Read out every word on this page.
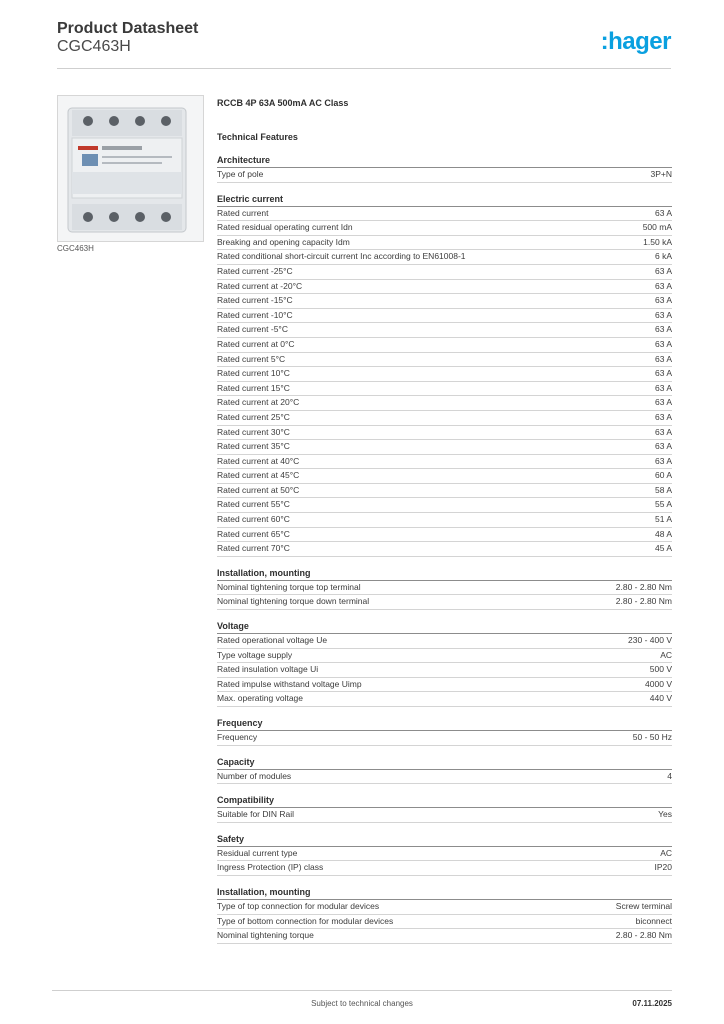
Product Datasheet
CGC463H	:hager
CGC463H
RCCB 4P 63A 500mA AC Class
Technical Features
Architecture
Type of pole	3P+N
Electric current
Rated current	63 A
Rated residual operating current Idn	500 mA
Breaking and opening capacity Idm	1.50 kA
Rated conditional short-circuit current Inc according to EN61008-1	6 kA
Rated current -25°C	63 A
Rated current at -20°C	63 A
Rated current -15°C	63 A
Rated current -10°C	63 A
Rated current -5°C	63 A
Rated current at 0°C	63 A
Rated current 5°C	63 A
Rated current 10°C	63 A
Rated current 15°C	63 A
Rated current at 20°C	63 A
Rated current 25°C	63 A
Rated current 30°C	63 A
Rated current 35°C	63 A
Rated current at 40°C	63 A
Rated current at 45°C	60 A
Rated current at 50°C	58 A
Rated current 55°C	55 A
Rated current 60°C	51 A
Rated current 65°C	48 A
Rated current 70°C	45 A
Installation, mounting
Nominal tightening torque top terminal	2.80 - 2.80 Nm
Nominal tightening torque down terminal	2.80 - 2.80 Nm
Voltage
Rated operational voltage Ue	230 - 400 V
Type voltage supply	AC
Rated insulation voltage Ui	500 V
Rated impulse withstand voltage Uimp	4000 V
Max. operating voltage	440 V
Frequency
Frequency	50 - 50 Hz
Capacity
Number of modules	4
Compatibility
Suitable for DIN Rail	Yes
Safety
Residual current type	AC
Ingress Protection (IP) class	IP20
Installation, mounting
Type of top connection for modular devices	Screw terminal
Type of bottom connection for modular devices	biconnect
Nominal tightening torque	2.80 - 2.80 Nm
Subject to technical changes	07.11.2025
